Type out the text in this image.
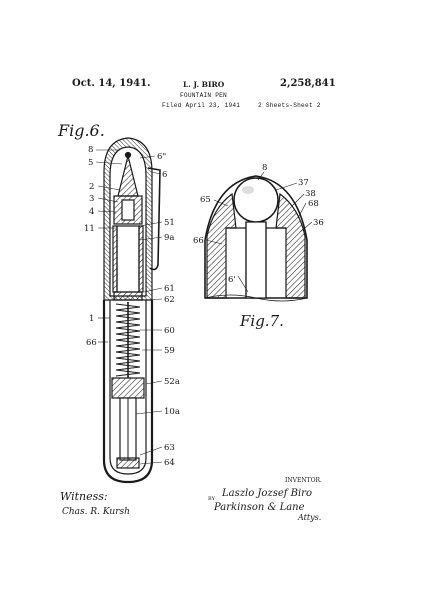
Oct. 14, 1941.	L. J. BIRO	2,258,841
FOUNTAIN PEN
Filed April 23, 1941	2 Sheets-Sheet 2
Fig.6.
Fig.7.
8
5
6"
6
2
3
4
11
51
9a
61
62
1
60
66
59
52a
10a
63
64
8
37
65
38
68
36
66
6'
Witness:
Chas. R. Kursh
INVENTOR.
Laszlo Jozsef Biro
BY
Parkinson & Lane
Attys.
